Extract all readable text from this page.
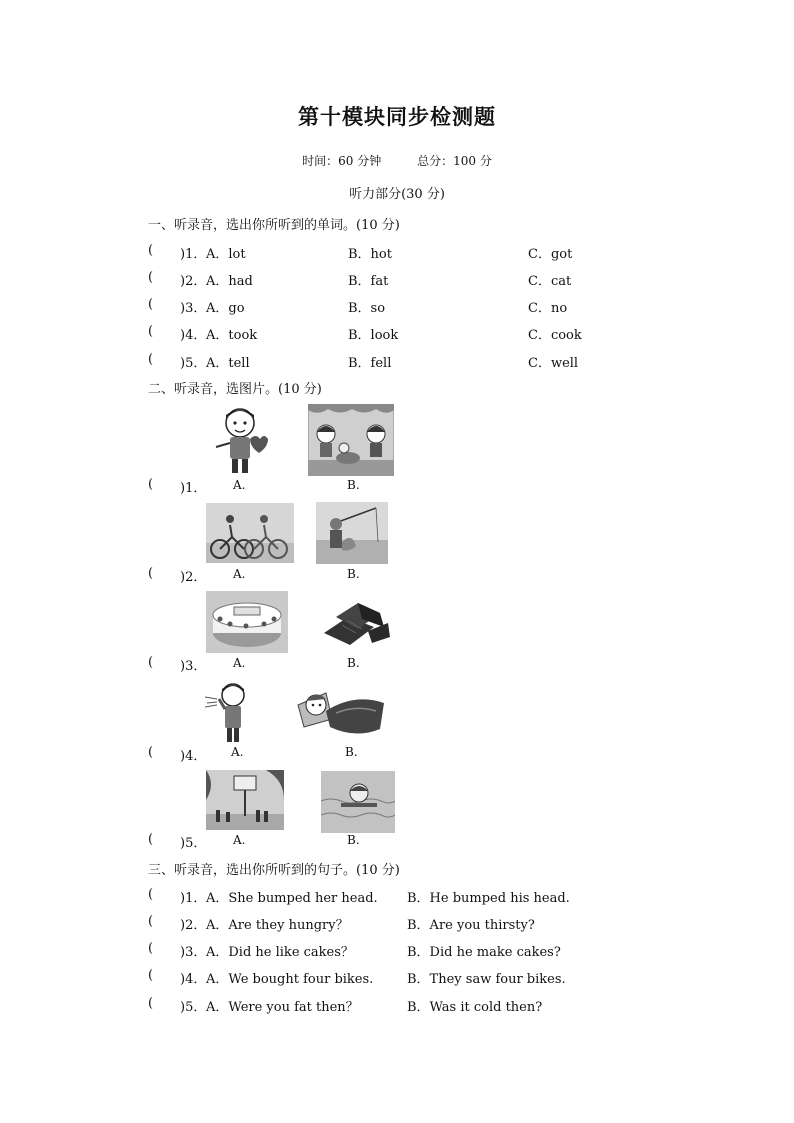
第十模块同步检测题
时间：60 分钟	总分：100 分
听力部分(30 分)
一、听录音，选出你所听到的单词。(10 分)
( )1． A．lot	B．hot	C．got
( )2． A．had	B．fat	C．cat
( )3． A．go	B．so	C．no
( )4． A．took	B．look	C．cook
( )5． A．tell	B．fell	C．well
二、听录音，选图片。(10 分)
( )1． A.	B.
( )2． A.	B.
( )3． A.	B.
( )4． A.	B.
( )5． A.	B.
三、听录音，选出你所听到的句子。(10 分)
( )1． A．She bumped her head. B．He bumped his head.
( )2． A．Are they hungry？	B．Are you thirsty?
( )3． A．Did he like cakes？	B．Did he make cakes?
( )4． A．We bought four bikes.	B．They saw four bikes.
( )5． A．Were you fat then？	B．Was it cold then?
